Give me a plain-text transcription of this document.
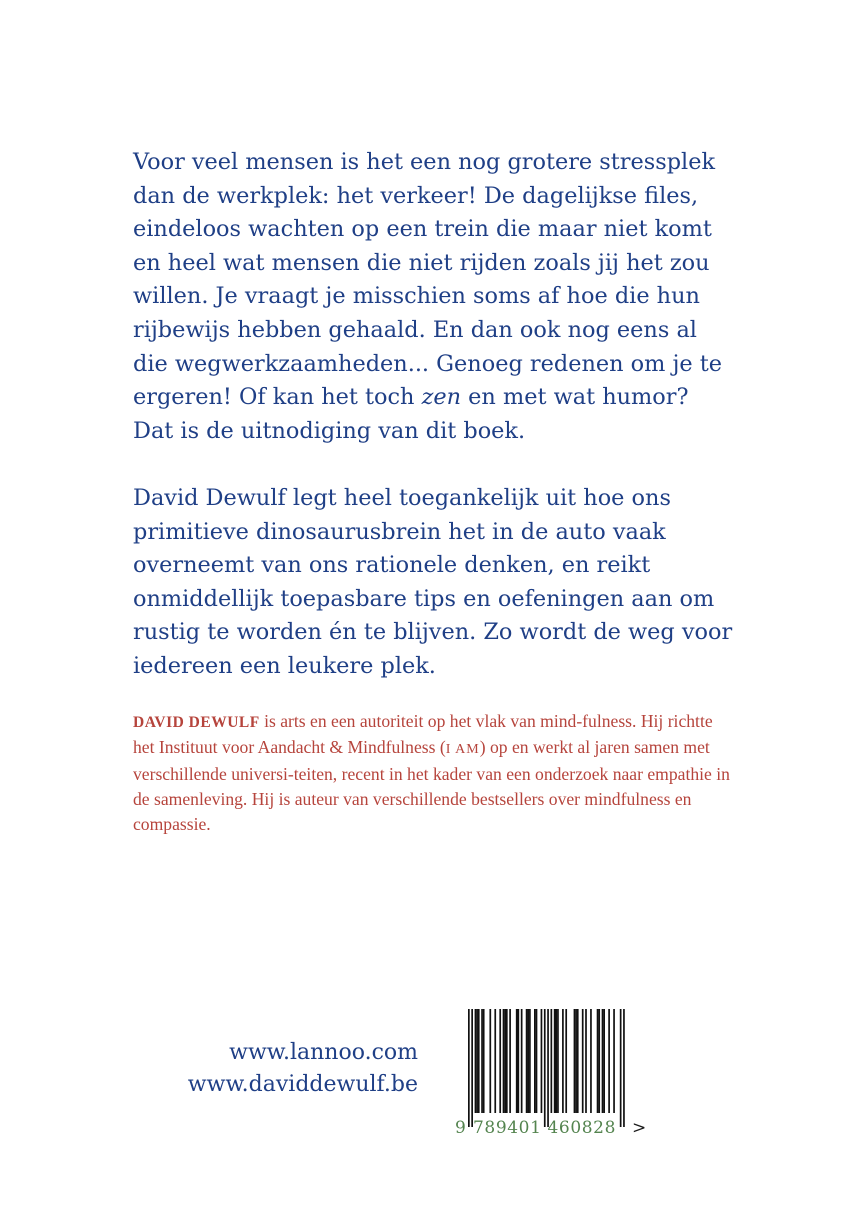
Voor veel mensen is het een nog grotere stressplek dan de werkplek: het verkeer! De dagelijkse files, eindeloos wachten op een trein die maar niet komt en heel wat mensen die niet rijden zoals jij het zou willen. Je vraagt je misschien soms af hoe die hun rijbewijs hebben gehaald. En dan ook nog eens al die wegwerkzaamheden... Genoeg redenen om je te ergeren! Of kan het toch zen en met wat humor? Dat is de uitnodiging van dit boek.

David Dewulf legt heel toegankelijk uit hoe ons primitieve dinosaurusbrein het in de auto vaak overneemt van ons rationele denken, en reikt onmiddellijk toepasbare tips en oefeningen aan om rustig te worden én te blijven. Zo wordt de weg voor iedereen een leukere plek.

DAVID DEWULF is arts en een autoriteit op het vlak van mind-fulness. Hij richtte het Instituut voor Aandacht & Mindfulness (I AM) op en werkt al jaren samen met verschillende universi-teiten, recent in het kader van een onderzoek naar empathie in de samenleving. Hij is auteur van verschillende bestsellers over mindfulness en compassie.
www.lannoo.com
www.daviddewulf.be
9 789401 460828 >
